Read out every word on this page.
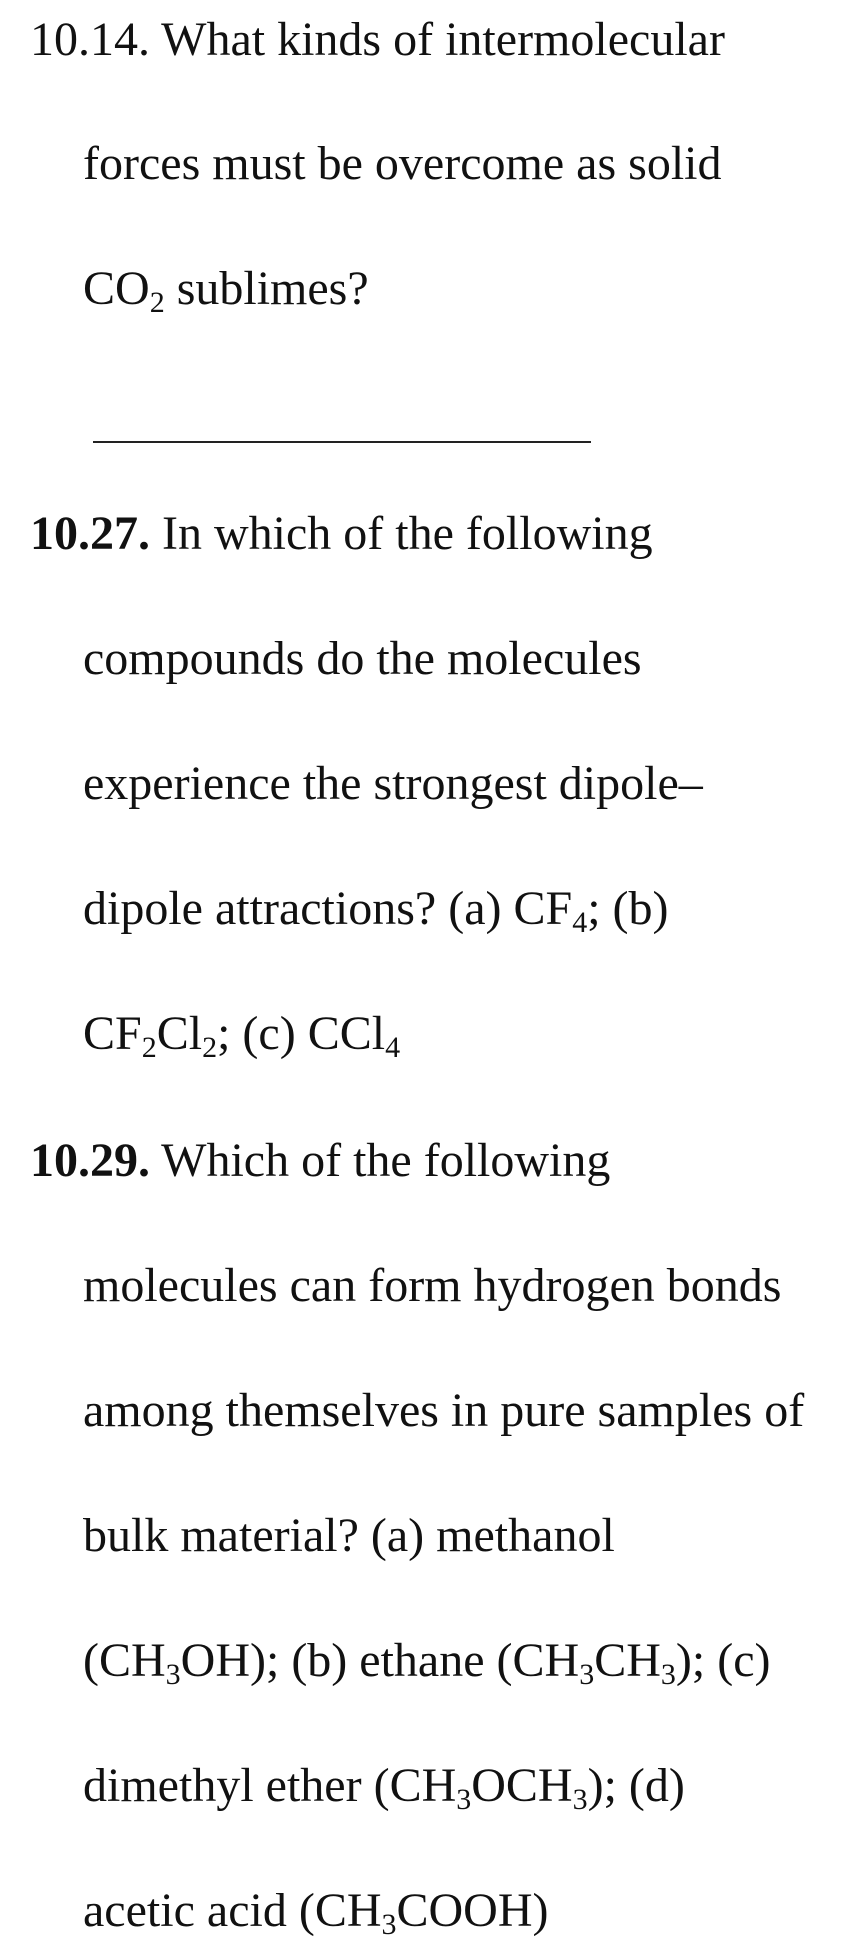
10.14. What kinds of intermolecular
forces must be overcome as solid
$CO_2$ sublimes?
10.27. In which of the following
compounds do the molecules
experience the strongest dipole–
dipole attractions? (a) $CF_4$; (b)
$CF_2Cl_2$; (c) CCl$_4$
10.29. Which of the following
molecules can form hydrogen bonds
among themselves in pure samples of
bulk material? (a) methanol
$(CH_3OH)$; (b) ethane $(CH_3CH_3)$; (c)
dimethyl ether $(CH_3OCH_3)$; (d)
acetic acid $(CH_3COOH)$
